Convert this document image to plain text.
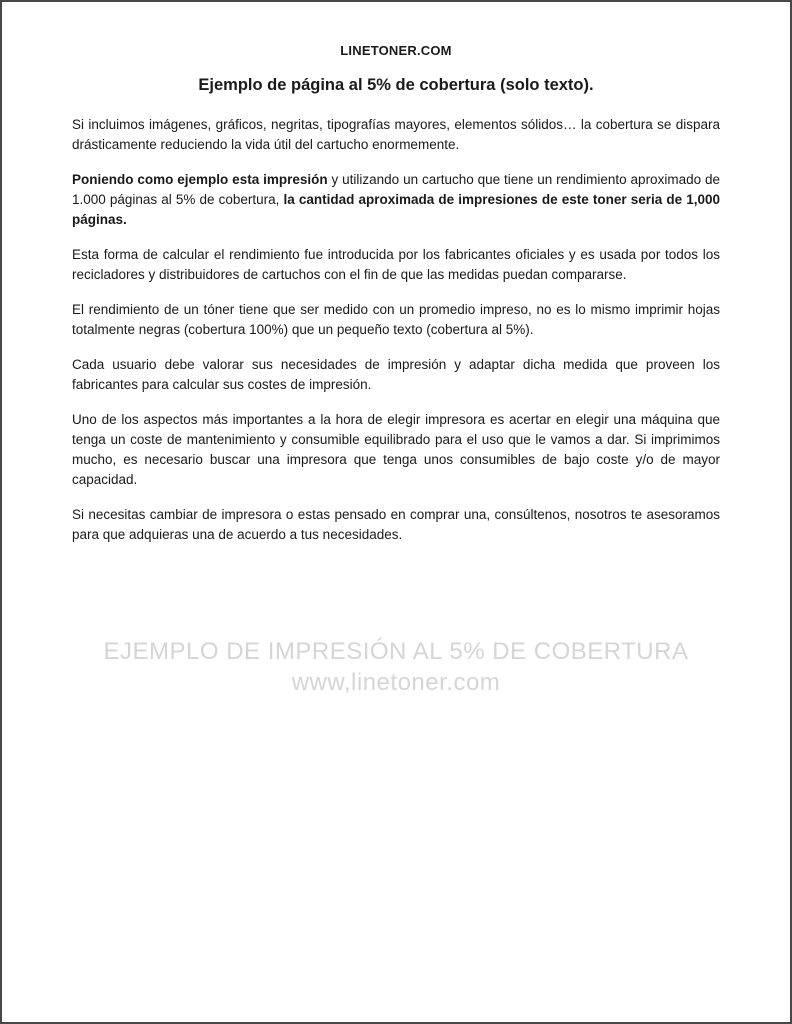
LINETONER.COM
Ejemplo de página al 5% de cobertura (solo texto).

Si incluimos imágenes, gráficos, negritas, tipografías mayores, elementos sólidos… la cobertura se dispara drásticamente reduciendo la vida útil del cartucho enormemente.

Poniendo como ejemplo esta impresión y utilizando un cartucho que tiene un rendimiento aproximado de 1.000 páginas al 5% de cobertura, la cantidad aproximada de impresiones de este toner seria de 1,000 páginas.

Esta forma de calcular el rendimiento fue introducida por los fabricantes oficiales y es usada por todos los recicladores y distribuidores de cartuchos con el fin de que las medidas puedan compararse.

El rendimiento de un tóner tiene que ser medido con un promedio impreso, no es lo mismo imprimir hojas totalmente negras (cobertura 100%) que un pequeño texto (cobertura al 5%).

Cada usuario debe valorar sus necesidades de impresión y adaptar dicha medida que proveen los fabricantes para calcular sus costes de impresión.

Uno de los aspectos más importantes a la hora de elegir impresora es acertar en elegir una máquina que tenga un coste de mantenimiento y consumible equilibrado para el uso que le vamos a dar. Si imprimimos mucho, es necesario buscar una impresora que tenga unos consumibles de bajo coste y/o de mayor capacidad.

Si necesitas cambiar de impresora o estas pensado en comprar una, consúltenos, nosotros te asesoramos para que adquieras una de acuerdo a tus necesidades.

EJEMPLO DE IMPRESIÓN AL 5% DE COBERTURA
www,linetoner.com
